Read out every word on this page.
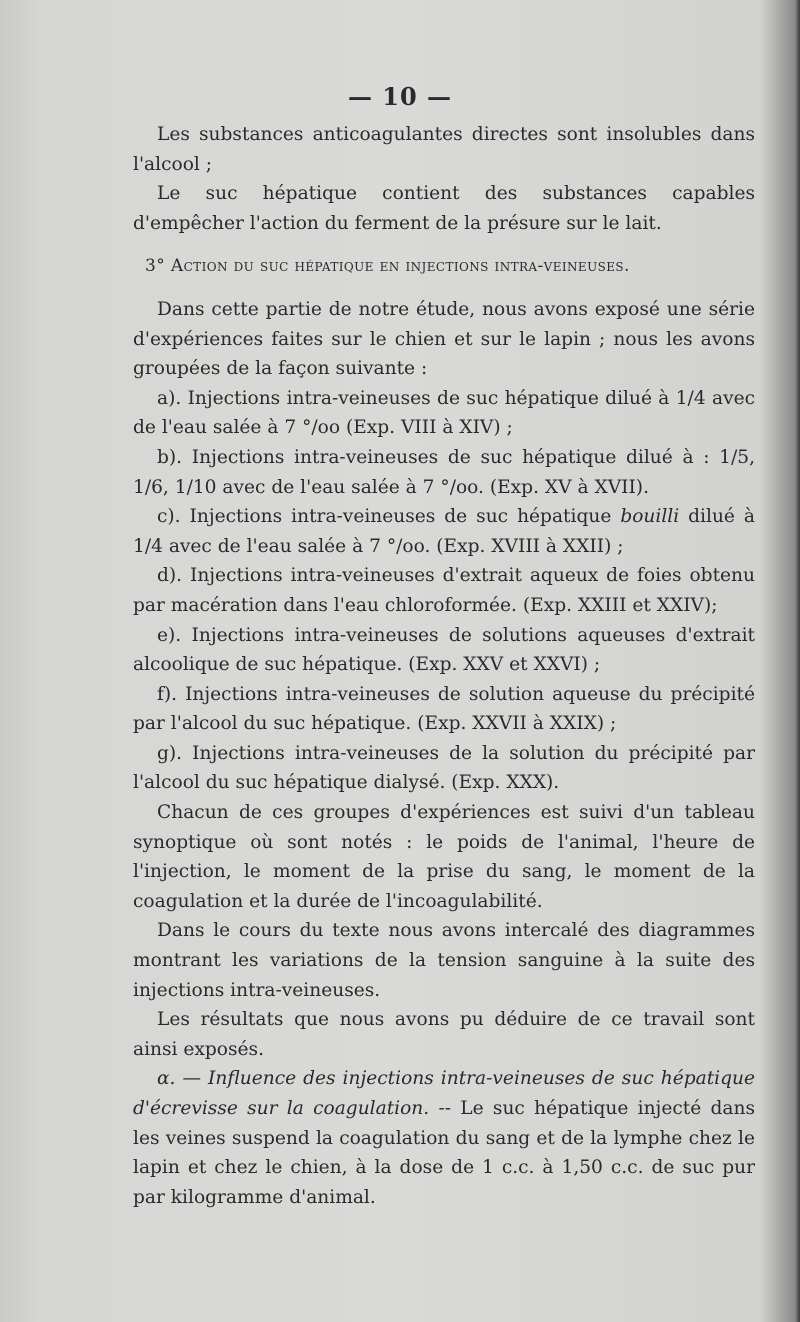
— 10 —

Les substances anticoagulantes directes sont insolubles dans l'alcool ;

Le suc hépatique contient des substances capables d'empêcher l'action du ferment de la présure sur le lait.

3° Action du suc hépatique en injections intra-veineuses.

Dans cette partie de notre étude, nous avons exposé une série d'expériences faites sur le chien et sur le lapin ; nous les avons groupées de la façon suivante :

a). Injections intra-veineuses de suc hépatique dilué à 1/4 avec de l'eau salée à 7 °/oo (Exp. VIII à XIV) ;

b). Injections intra-veineuses de suc hépatique dilué à : 1/5, 1/6, 1/10 avec de l'eau salée à 7 °/oo. (Exp. XV à XVII).

c). Injections intra-veineuses de suc hépatique bouilli dilué à 1/4 avec de l'eau salée à 7 °/oo. (Exp. XVIII à XXII) ;

d). Injections intra-veineuses d'extrait aqueux de foies obtenu par macération dans l'eau chloroformée. (Exp. XXIII et XXIV);

e). Injections intra-veineuses de solutions aqueuses d'extrait alcoolique de suc hépatique. (Exp. XXV et XXVI) ;

f). Injections intra-veineuses de solution aqueuse du précipité par l'alcool du suc hépatique. (Exp. XXVII à XXIX) ;

g). Injections intra-veineuses de la solution du précipité par l'alcool du suc hépatique dialysé. (Exp. XXX).

Chacun de ces groupes d'expériences est suivi d'un tableau synoptique où sont notés : le poids de l'animal, l'heure de l'injection, le moment de la prise du sang, le moment de la coagulation et la durée de l'incoagulabilité.

Dans le cours du texte nous avons intercalé des diagrammes montrant les variations de la tension sanguine à la suite des injections intra-veineuses.

Les résultats que nous avons pu déduire de ce travail sont ainsi exposés.

α. — Influence des injections intra-veineuses de suc hépatique d'écrevisse sur la coagulation. -- Le suc hépatique injecté dans les veines suspend la coagulation du sang et de la lymphe chez le lapin et chez le chien, à la dose de 1 c.c. à 1,50 c.c. de suc pur par kilogramme d'animal.
